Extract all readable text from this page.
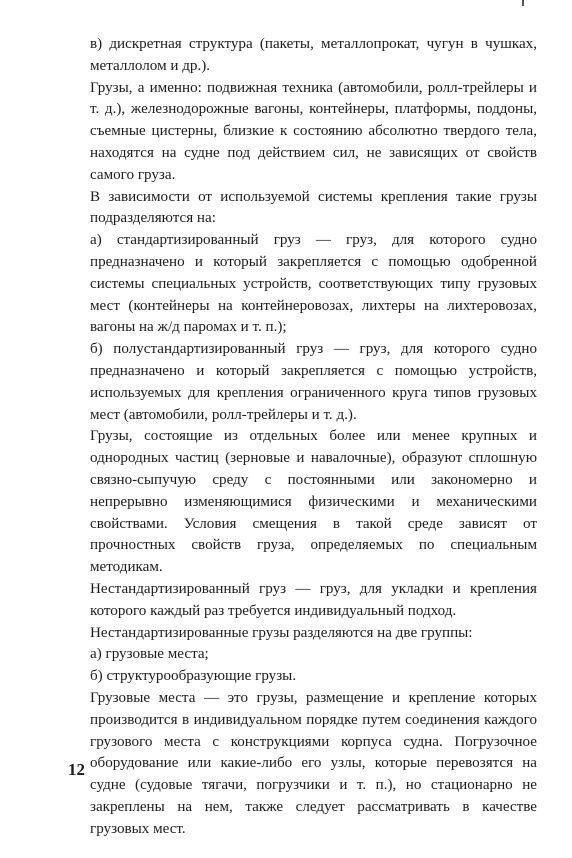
в) дискретная структура (пакеты, металлопрокат, чугун в чушках, металлолом и др.).

Грузы, а именно: подвижная техника (автомобили, ролл-трейлеры и т. д.), железнодорожные вагоны, контейнеры, платформы, поддоны, съемные цистерны, близкие к состоянию абсолютно твердого тела, находятся на судне под действием сил, не зависящих от свойств самого груза.

В зависимости от используемой системы крепления такие грузы подразделяются на:

а) стандартизированный груз — груз, для которого судно предназначено и который закрепляется с помощью одобренной системы специальных устройств, соответствующих типу грузовых мест (контейнеры на контейнеровозах, лихтеры на лихтеровозах, вагоны на ж/д паромах и т. п.);

б) полустандартизированный груз — груз, для которого судно предназначено и который закрепляется с помощью устройств, используемых для крепления ограниченного круга типов грузовых мест (автомобили, ролл-трейлеры и т. д.).

Грузы, состоящие из отдельных более или менее крупных и однородных частиц (зерновые и навалочные), образуют сплошную связно-сыпучую среду с постоянными или закономерно и непрерывно изменяющимися физическими и механическими свойствами. Условия смещения в такой среде зависят от прочностных свойств груза, определяемых по специальным методикам.

Нестандартизированный груз — груз, для укладки и крепления которого каждый раз требуется индивидуальный подход.

Нестандартизированные грузы разделяются на две группы:

а) грузовые места;

б) структурообразующие грузы.

Грузовые места — это грузы, размещение и крепление которых производится в индивидуальном порядке путем соединения каждого грузового места с конструкциями корпуса судна. Погрузочное оборудование или какие-либо его узлы, которые перевозятся на судне (судовые тягачи, погрузчики и т. п.), но стационарно не закреплены на нем, также следует рассматривать в качестве грузовых мест.

12
